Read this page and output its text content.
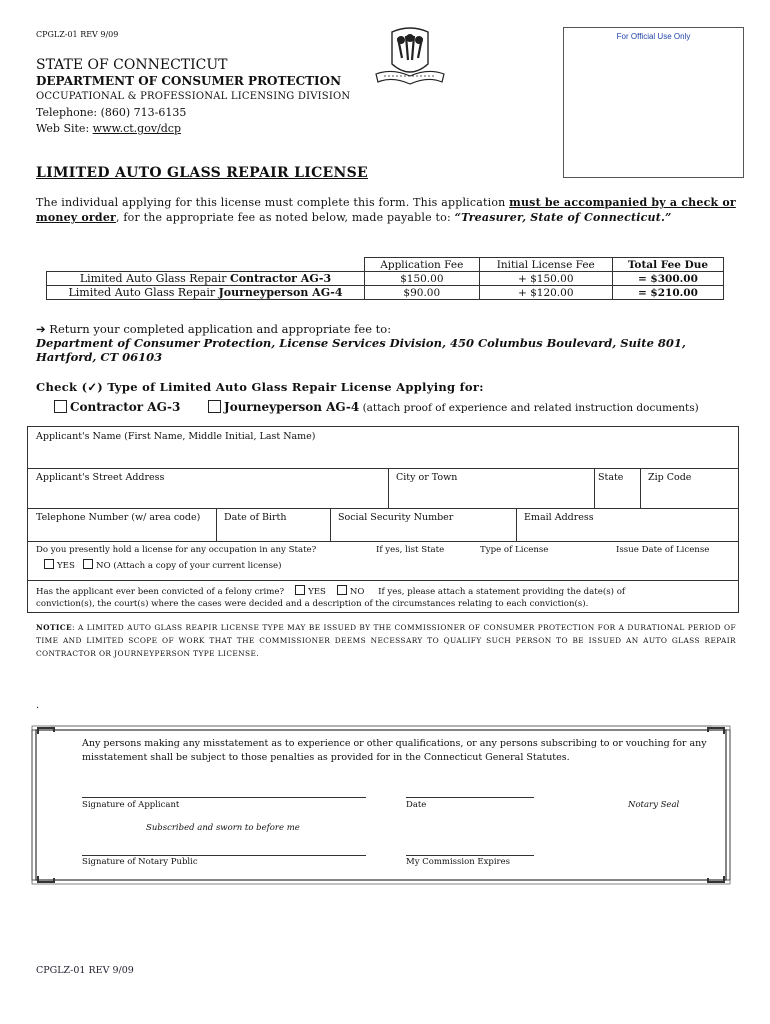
CPGLZ-01 REV 9/09	For Official Use Only
STATE OF CONNECTICUT
DEPARTMENT OF CONSUMER PROTECTION
OCCUPATIONAL & PROFESSIONAL LICENSING DIVISION
Telephone: (860) 713-6135
Web Site: www.ct.gov/dcp
LIMITED AUTO GLASS REPAIR LICENSE
The individual applying for this license must complete this form. This application must be accompanied by a check or money order, for the appropriate fee as noted below, made payable to: “Treasurer, State of Connecticut.”
	Application Fee	Initial License Fee	Total Fee Due
Limited Auto Glass Repair Contractor AG-3	$150.00	+ $150.00	= $300.00
Limited Auto Glass Repair Journeyperson AG-4	$90.00	+ $120.00	= $210.00
➔ Return your completed application and appropriate fee to:
Department of Consumer Protection, License Services Division, 450 Columbus Boulevard, Suite 801, Hartford, CT 06103
Check (✓) Type of Limited Auto Glass Repair License Applying for:
Contractor AG-3	Journeyperson AG-4 (attach proof of experience and related instruction documents)
Applicant's Name (First Name, Middle Initial, Last Name)
Applicant's Street Address	City or Town	State	Zip Code
Telephone Number (w/ area code)	Date of Birth	Social Security Number	Email Address
Do you presently hold a license for any occupation in any State?
YES NO (Attach a copy of your current license)
If yes, list State	Type of License	Issue Date of License
Has the applicant ever been convicted of a felony crime?	YES	NO If yes, please attach a statement providing the date(s) of
conviction(s), the court(s) where the cases were decided and a description of the circumstances relating to each conviction(s).
NOTICE: A LIMITED AUTO GLASS REAPIR LICENSE TYPE MAY BE ISSUED BY THE COMMISSIONER OF CONSUMER PROTECTION FOR A DURATIONAL PERIOD OF TIME AND LIMITED SCOPE OF WORK THAT THE COMMISSIONER DEEMS NECESSARY TO QUALIFY SUCH PERSON TO BE ISSUED AN AUTO GLASS REPAIR CONTRACTOR OR JOURNEYPERSON TYPE LICENSE.
.
Any persons making any misstatement as to experience or other qualifications, or any persons subscribing to or vouching for any misstatement shall be subject to those penalties as provided for in the Connecticut General Statutes.
Signature of Applicant	Date	Notary Seal
Subscribed and sworn to before me
Signature of Notary Public	My Commission Expires
CPGLZ-01 REV 9/09
